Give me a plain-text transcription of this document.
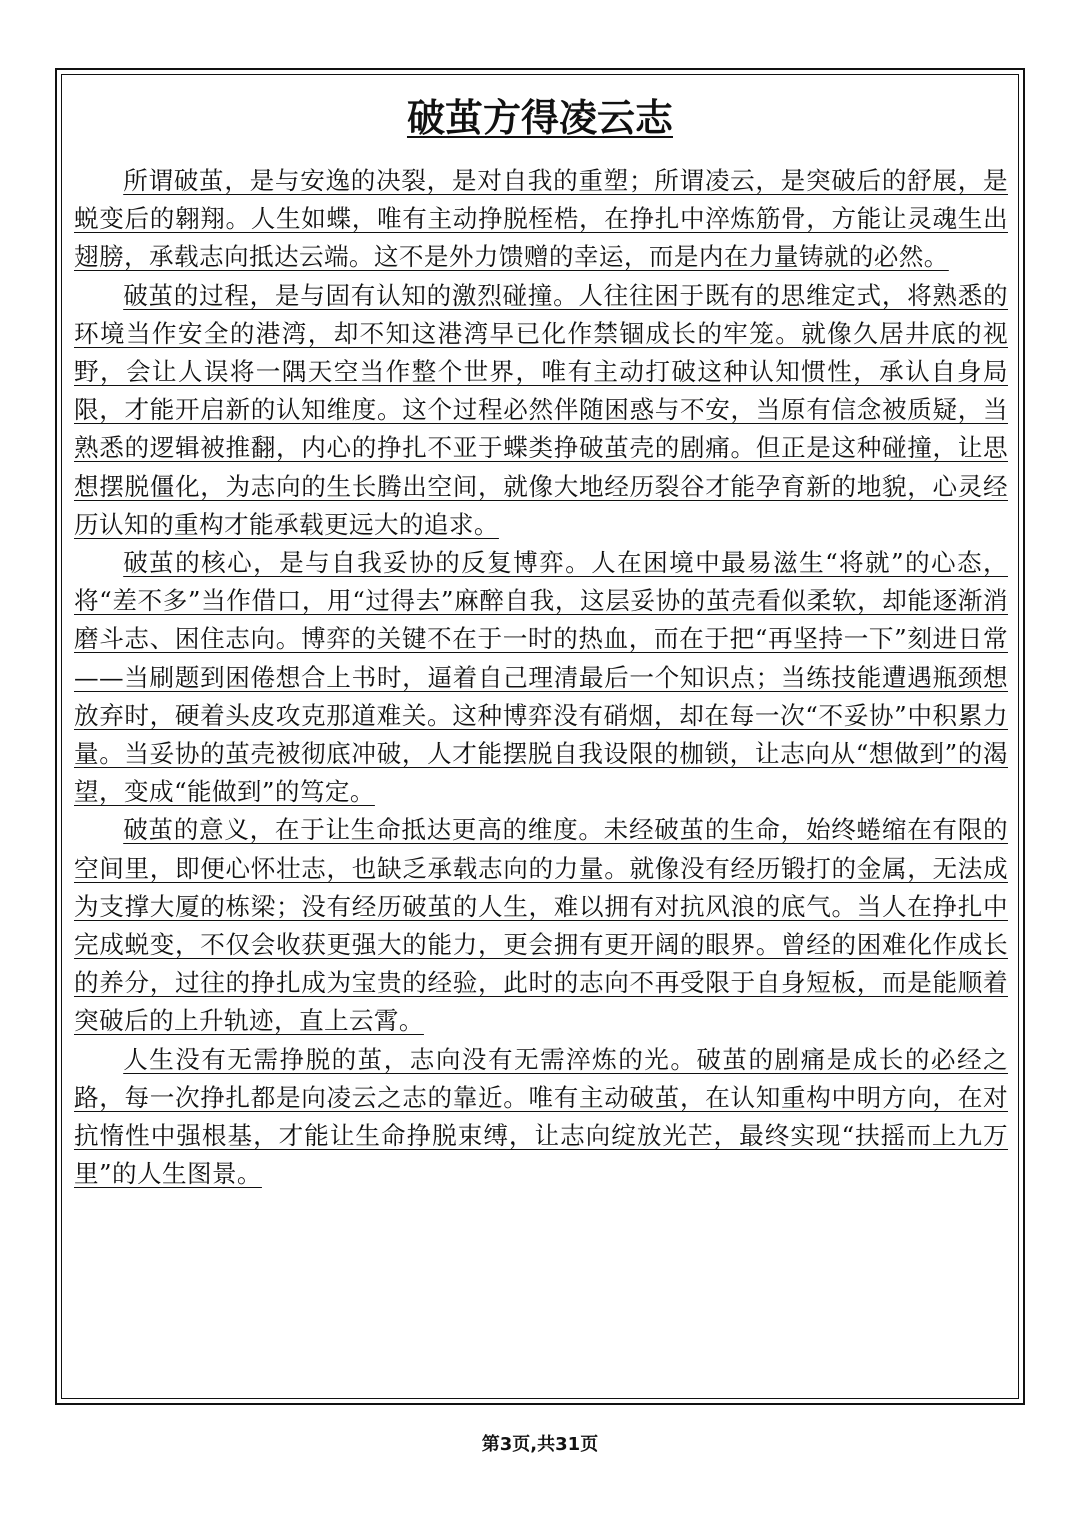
破茧方得凌云志

所谓破茧，是与安逸的决裂，是对自我的重塑；所谓凌云，是突破后的舒展，是蜕变后的翱翔。人生如蝶，唯有主动挣脱桎梏，在挣扎中淬炼筋骨，方能让灵魂生出翅膀，承载志向抵达云端。这不是外力馈赠的幸运，而是内在力量铸就的必然。

破茧的过程，是与固有认知的激烈碰撞。人往往困于既有的思维定式，将熟悉的环境当作安全的港湾，却不知这港湾早已化作禁锢成长的牢笼。就像久居井底的视野，会让人误将一隅天空当作整个世界，唯有主动打破这种认知惯性，承认自身局限，才能开启新的认知维度。这个过程必然伴随困惑与不安，当原有信念被质疑，当熟悉的逻辑被推翻，内心的挣扎不亚于蝶类挣破茧壳的剧痛。但正是这种碰撞，让思想摆脱僵化，为志向的生长腾出空间，就像大地经历裂谷才能孕育新的地貌，心灵经历认知的重构才能承载更远大的追求。

破茧的核心，是与自我妥协的反复博弈。人在困境中最易滋生“将就”的心态，将“差不多”当作借口，用“过得去”麻醉自我，这层妥协的茧壳看似柔软，却能逐渐消磨斗志、困住志向。博弈的关键不在于一时的热血，而在于把“再坚持一下”刻进日常——当刷题到困倦想合上书时，逼着自己理清最后一个知识点；当练技能遭遇瓶颈想放弃时，硬着头皮攻克那道难关。这种博弈没有硝烟，却在每一次“不妥协”中积累力量。当妥协的茧壳被彻底冲破，人才能摆脱自我设限的枷锁，让志向从“想做到”的渴望，变成“能做到”的笃定。

破茧的意义，在于让生命抵达更高的维度。未经破茧的生命，始终蜷缩在有限的空间里，即便心怀壮志，也缺乏承载志向的力量。就像没有经历锻打的金属，无法成为支撑大厦的栋梁；没有经历破茧的人生，难以拥有对抗风浪的底气。当人在挣扎中完成蜕变，不仅会收获更强大的能力，更会拥有更开阔的眼界。曾经的困难化作成长的养分，过往的挣扎成为宝贵的经验，此时的志向不再受限于自身短板，而是能顺着突破后的上升轨迹，直上云霄。

人生没有无需挣脱的茧，志向没有无需淬炼的光。破茧的剧痛是成长的必经之路，每一次挣扎都是向凌云之志的靠近。唯有主动破茧，在认知重构中明方向，在对抗惰性中强根基，才能让生命挣脱束缚，让志向绽放光芒，最终实现“扶摇而上九万里”的人生图景。

第3页,共31页
